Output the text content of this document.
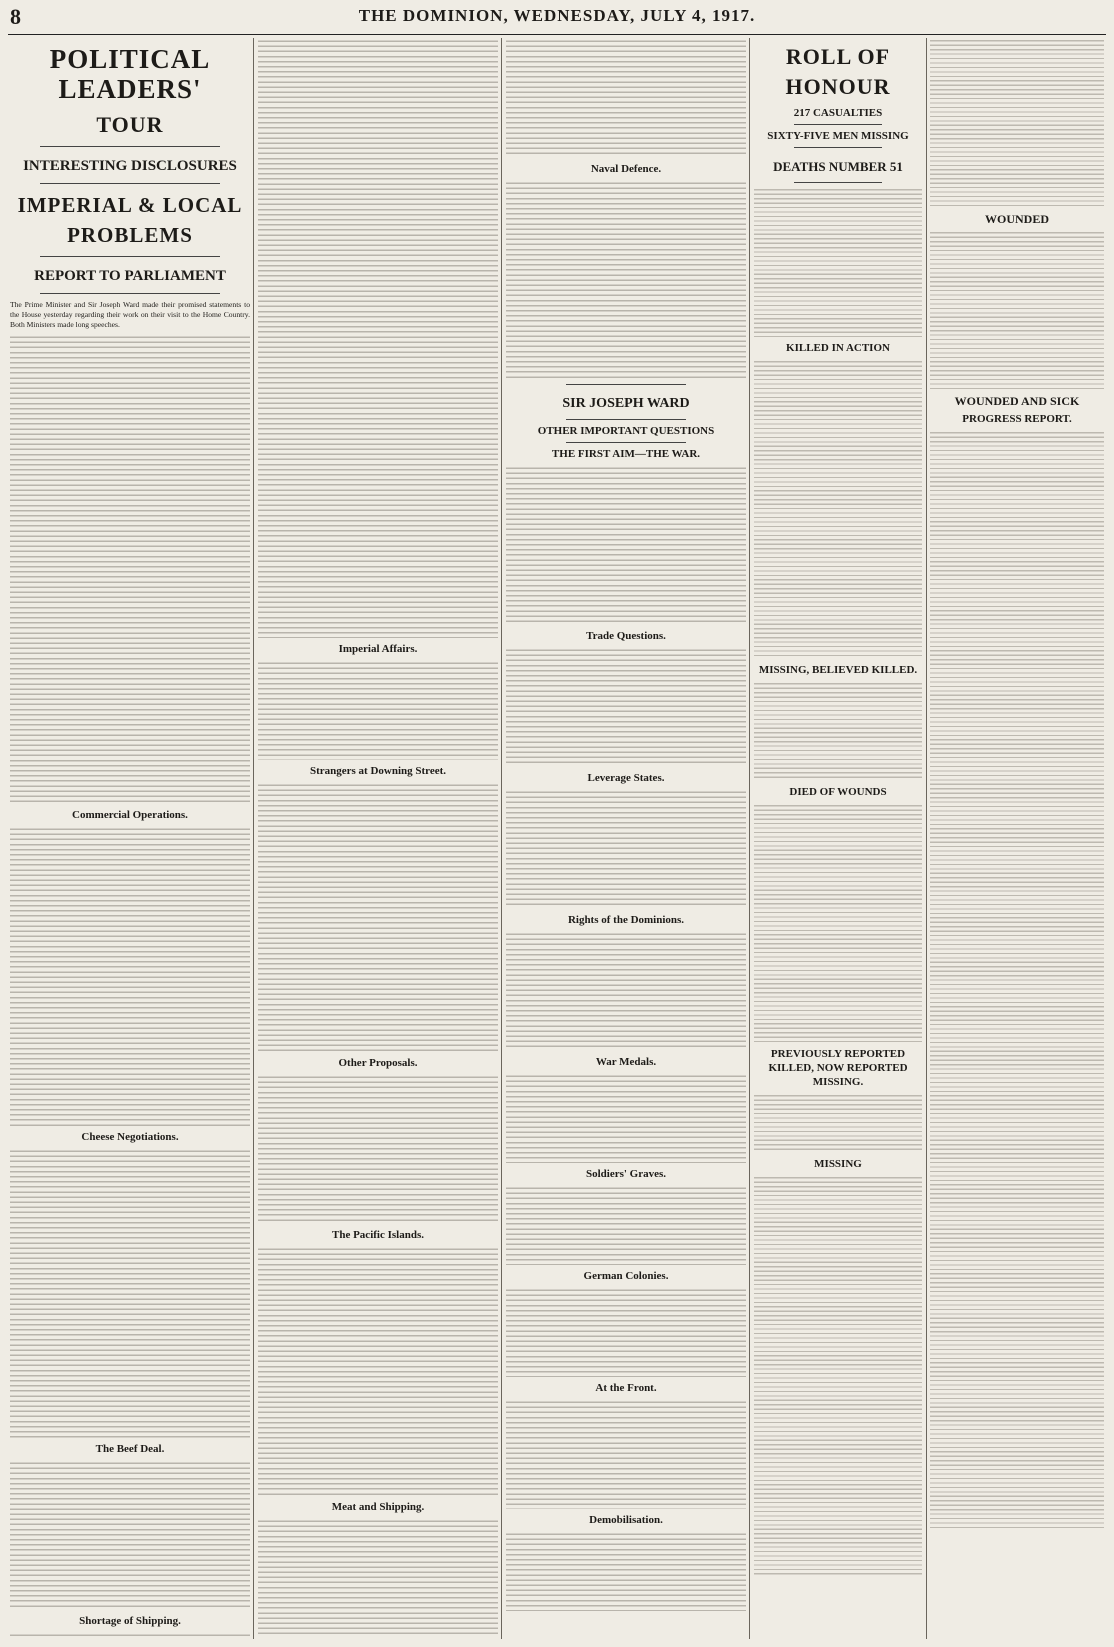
8	THE DOMINION, WEDNESDAY, JULY 4, 1917.
POLITICAL LEADERS'
TOUR
INTERESTING DISCLOSURES
IMPERIAL & LOCAL PROBLEMS
REPORT TO PARLIAMENT

The Prime Minister and Sir Joseph Ward made their promised statements to the House yesterday regarding their work on their visit to the Home Country. Both Ministers made long speeches.

Commercial Operations.
Cheese Negotiations.
The Beef Deal.
Shortage of Shipping.
Imperial Affairs.
Strangers at Downing Street.
Other Proposals.
The Pacific Islands.
Meat and Shipping.
Naval Defence.
SIR JOSEPH WARD
OTHER IMPORTANT QUESTIONS
THE FIRST AIM—THE WAR.
Trade Questions.
Leverage States.
Rights of the Dominions.
War Medals.
Soldiers' Graves.
German Colonies.
At the Front.
Demobilisation.
ROLL OF HONOUR
217 CASUALTIES
SIXTY-FIVE MEN MISSING
DEATHS NUMBER 51
KILLED IN ACTION
MISSING, BELIEVED KILLED.
DIED OF WOUNDS
PREVIOUSLY REPORTED KILLED, NOW REPORTED MISSING.
MISSING
WOUNDED
WOUNDED AND SICK
PROGRESS REPORT.
